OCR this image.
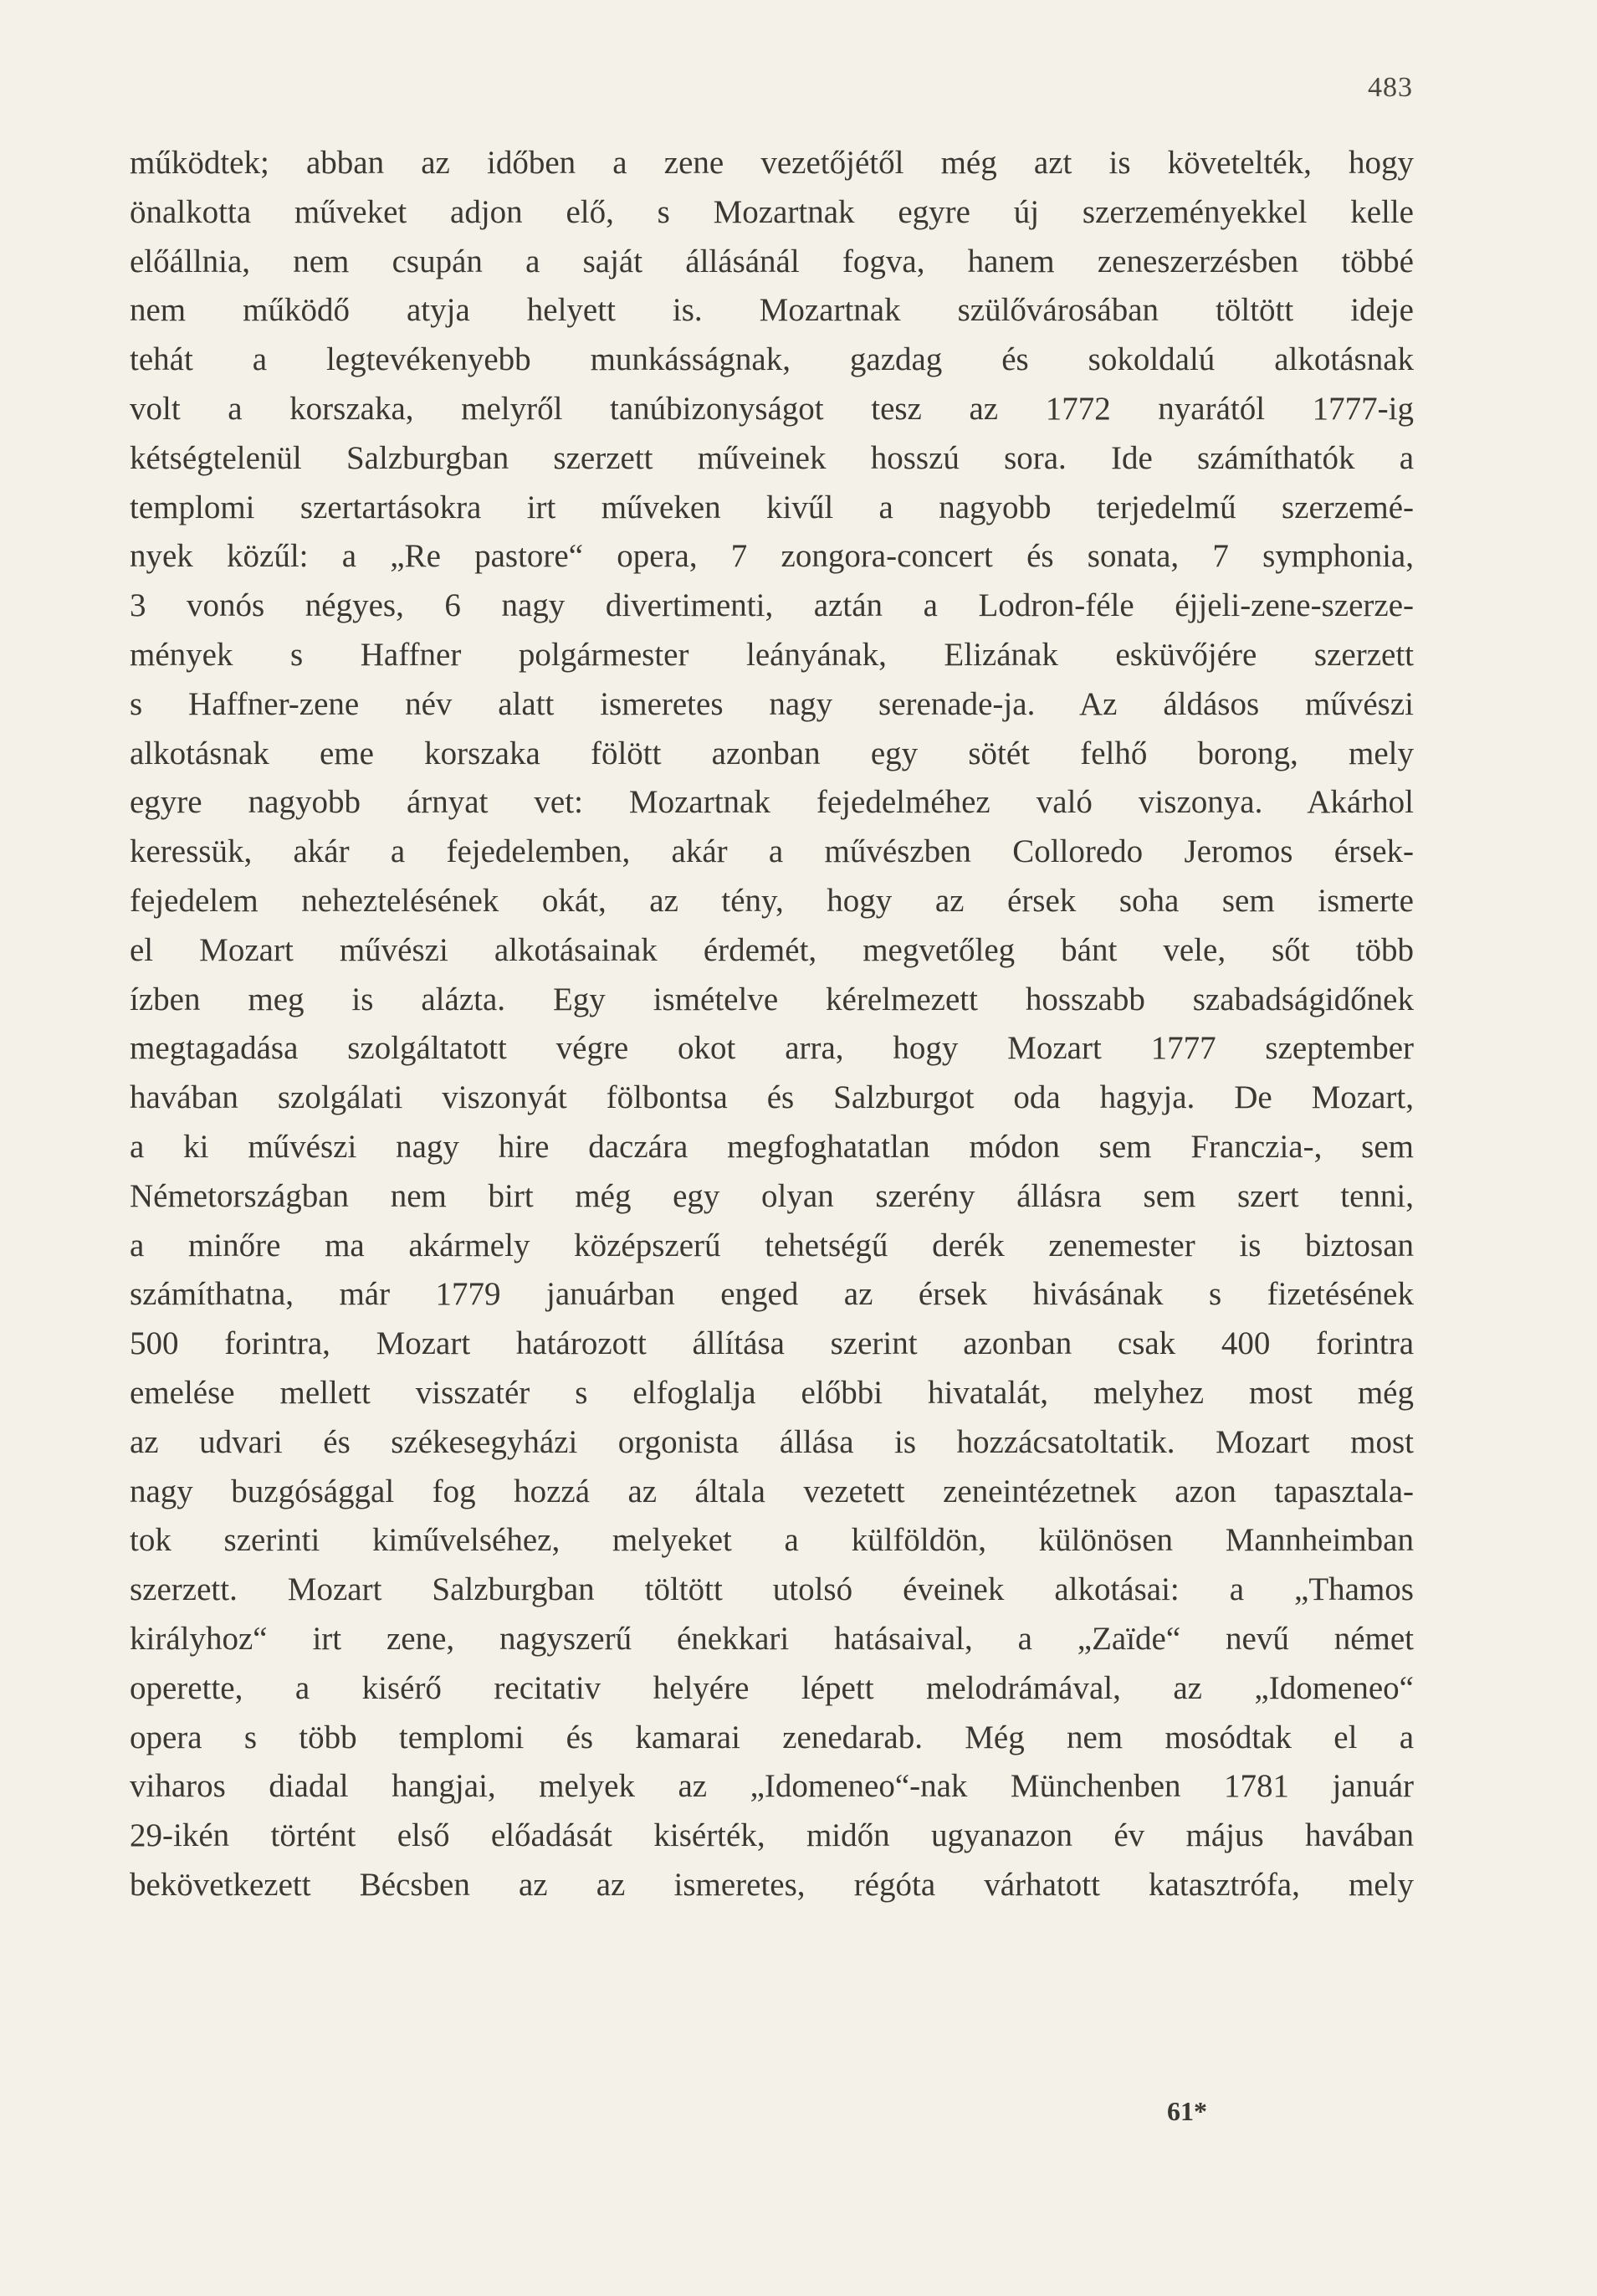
483
működtek; abban az időben a zene vezetőjétől még azt is követelték, hogy
önalkotta műveket adjon elő, s Mozartnak egyre új szerzeményekkel kelle
előállnia, nem csupán a saját állásánál fogva, hanem zeneszerzésben többé
nem működő atyja helyett is. Mozartnak szülővárosában töltött ideje
tehát a legtevékenyebb munkásságnak, gazdag és sokoldalú alkotásnak
volt a korszaka, melyről tanúbizonyságot tesz az 1772 nyarától 1777-ig
kétségtelenül Salzburgban szerzett műveinek hosszú sora. Ide számíthatók a
templomi szertartásokra irt műveken kivűl a nagyobb terjedelmű szerzemé-
nyek közűl: a „Re pastore“ opera, 7 zongora-concert és sonata, 7 symphonia,
3 vonós négyes, 6 nagy divertimenti, aztán a Lodron-féle éjjeli-zene-szerze-
mények s Haffner polgármester leányának, Elizának esküvőjére szerzett
s Haffner-zene név alatt ismeretes nagy serenade-ja. Az áldásos művészi
alkotásnak eme korszaka fölött azonban egy sötét felhő borong, mely
egyre nagyobb árnyat vet: Mozartnak fejedelméhez való viszonya. Akárhol
keressük, akár a fejedelemben, akár a művészben Colloredo Jeromos érsek-
fejedelem neheztelésének okát, az tény, hogy az érsek soha sem ismerte
el Mozart művészi alkotásainak érdemét, megvetőleg bánt vele, sőt több
ízben meg is alázta. Egy ismételve kérelmezett hosszabb szabadságidőnek
megtagadása szolgáltatott végre okot arra, hogy Mozart 1777 szeptember
havában szolgálati viszonyát fölbontsa és Salzburgot oda hagyja. De Mozart,
a ki művészi nagy hire daczára megfoghatatlan módon sem Franczia-, sem
Németországban nem birt még egy olyan szerény állásra sem szert tenni,
a minőre ma akármely középszerű tehetségű derék zenemester is biztosan
számíthatna, már 1779 januárban enged az érsek hivásának s fizetésének
500 forintra, Mozart határozott állítása szerint azonban csak 400 forintra
emelése mellett visszatér s elfoglalja előbbi hivatalát, melyhez most még
az udvari és székesegyházi orgonista állása is hozzácsatoltatik. Mozart most
nagy buzgósággal fog hozzá az általa vezetett zeneintézetnek azon tapasztala-
tok szerinti kiművelséhez, melyeket a külföldön, különösen Mannheimban
szerzett. Mozart Salzburgban töltött utolsó éveinek alkotásai: a „Thamos
királyhoz“ irt zene, nagyszerű énekkari hatásaival, a „Zaïde“ nevű német
operette, a kisérő recitativ helyére lépett melodrámával, az „Idomeneo“
opera s több templomi és kamarai zenedarab. Még nem mosódtak el a
viharos diadal hangjai, melyek az „Idomeneo“-nak Münchenben 1781 január
29-ikén történt első előadását kisérték, midőn ugyanazon év május havában
bekövetkezett Bécsben az az ismeretes, régóta várhatott katasztrófa, mely
61*
